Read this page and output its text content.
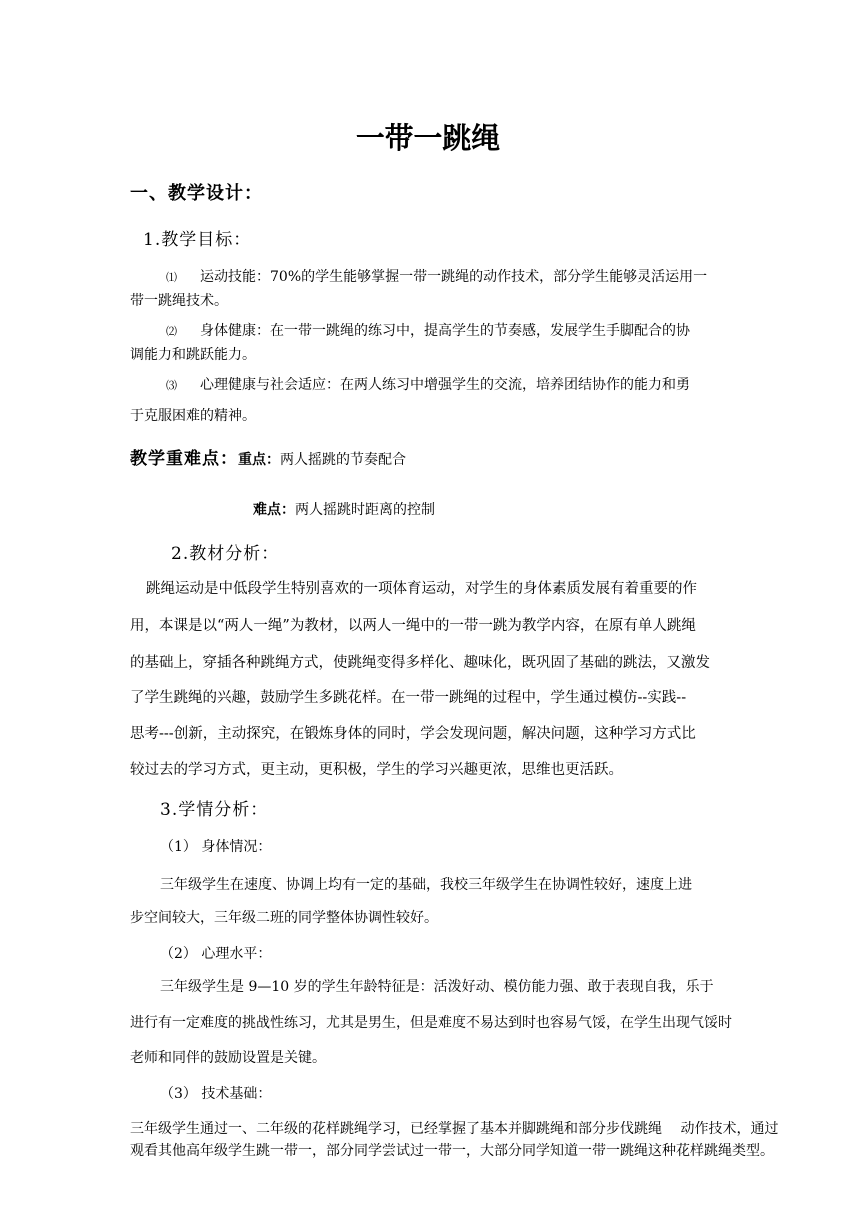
一带一跳绳
一、教学设计：
1.教学目标：
⑴ 运动技能：70%的学生能够掌握一带一跳绳的动作技术，部分学生能够灵活运用一
带一跳绳技术。
⑵ 身体健康：在一带一跳绳的练习中，提高学生的节奏感，发展学生手脚配合的协
调能力和跳跃能力。
⑶ 心理健康与社会适应：在两人练习中增强学生的交流，培养团结协作的能力和勇
于克服困难的精神。
教学重难点：重点：两人摇跳的节奏配合
难点：两人摇跳时距离的控制
2.教材分析：
跳绳运动是中低段学生特别喜欢的一项体育运动，对学生的身体素质发展有着重要的作
用，本课是以“两人一绳”为教材，以两人一绳中的一带一跳为教学内容，在原有单人跳绳
的基础上，穿插各种跳绳方式，使跳绳变得多样化、趣味化，既巩固了基础的跳法，又激发
了学生跳绳的兴趣，鼓励学生多跳花样。在一带一跳绳的过程中，学生通过模仿--实践--
思考---创新，主动探究，在锻炼身体的同时，学会发现问题，解决问题，这种学习方式比
较过去的学习方式，更主动，更积极，学生的学习兴趣更浓，思维也更活跃。
3.学情分析：
（1） 身体情况：
三年级学生在速度、协调上均有一定的基础，我校三年级学生在协调性较好，速度上进
步空间较大，三年级二班的同学整体协调性较好。
（2） 心理水平：
三年级学生是 9—10 岁的学生年龄特征是：活泼好动、模仿能力强、敢于表现自我，乐于
进行有一定难度的挑战性练习，尤其是男生，但是难度不易达到时也容易气馁，在学生出现气馁时
老师和同伴的鼓励设置是关键。
（3） 技术基础：
三年级学生通过一、二年级的花样跳绳学习，已经掌握了基本并脚跳绳和部分步伐跳绳　 动作技术，通过
观看其他高年级学生跳一带一，部分同学尝试过一带一，大部分同学知道一带一跳绳这种花样跳绳类型。
